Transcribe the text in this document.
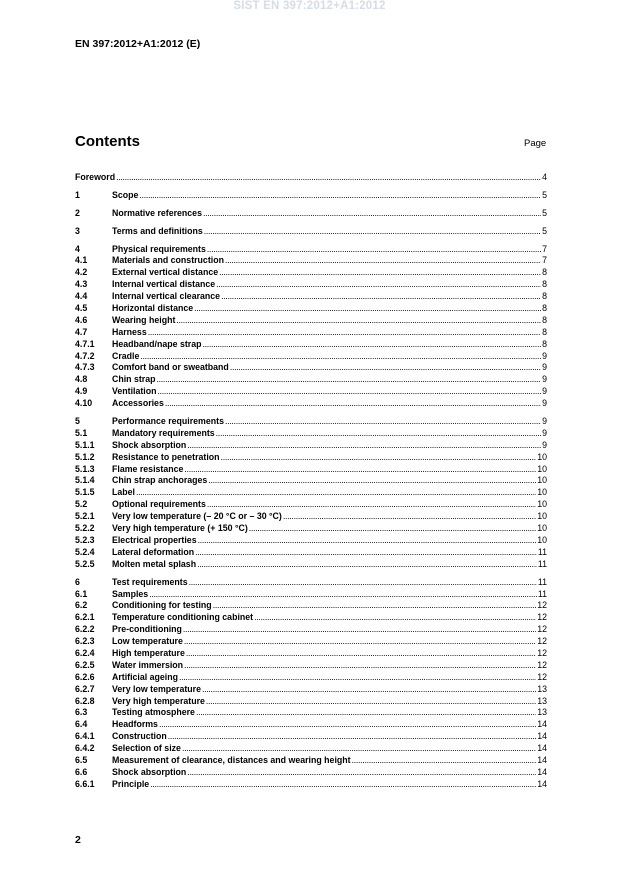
SIST EN 397:2012+A1:2012
EN 397:2012+A1:2012 (E)
Contents	Page
Foreword .....	4
1	Scope .....	5
2	Normative references .....	5
3	Terms and definitions .....	5
4	Physical requirements .....	7
4.1	Materials and construction .....	7
4.2	External vertical distance .....	8
4.3	Internal vertical distance .....	8
4.4	Internal vertical clearance .....	8
4.5	Horizontal distance .....	8
4.6	Wearing height .....	8
4.7	Harness .....	8
4.7.1	Headband/nape strap .....	8
4.7.2	Cradle .....	9
4.7.3	Comfort band or sweatband .....	9
4.8	Chin strap .....	9
4.9	Ventilation .....	9
4.10	Accessories .....	9
5	Performance requirements .....	9
5.1	Mandatory requirements .....	9
5.1.1	Shock absorption .....	9
5.1.2	Resistance to penetration .....	10
5.1.3	Flame resistance .....	10
5.1.4	Chin strap anchorages .....	10
5.1.5	Label .....	10
5.2	Optional requirements .....	10
5.2.1	Very low temperature (– 20 °C or – 30 °C) .....	10
5.2.2	Very high temperature (+ 150 °C) .....	10
5.2.3	Electrical properties .....	10
5.2.4	Lateral deformation .....	11
5.2.5	Molten metal splash .....	11
6	Test requirements .....	11
6.1	Samples .....	11
6.2	Conditioning for testing .....	12
6.2.1	Temperature conditioning cabinet .....	12
6.2.2	Pre-conditioning .....	12
6.2.3	Low temperature .....	12
6.2.4	High temperature .....	12
6.2.5	Water immersion .....	12
6.2.6	Artificial ageing .....	12
6.2.7	Very low temperature .....	13
6.2.8	Very high temperature .....	13
6.3	Testing atmosphere .....	13
6.4	Headforms .....	14
6.4.1	Construction .....	14
6.4.2	Selection of size .....	14
6.5	Measurement of clearance, distances and wearing height .....	14
6.6	Shock absorption .....	14
6.6.1	Principle .....	14
2
